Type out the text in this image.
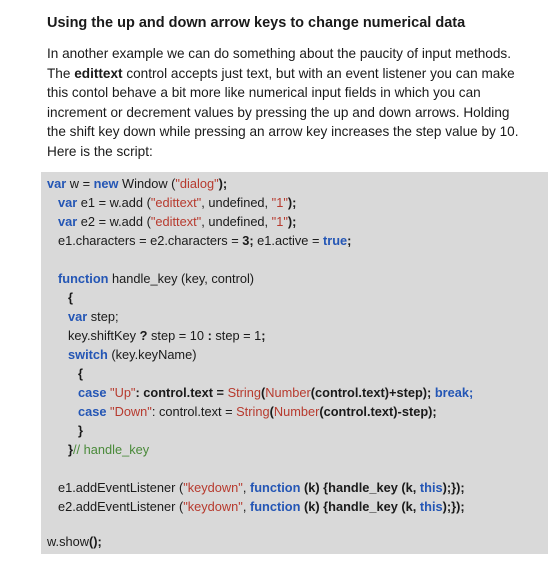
Using the up and down arrow keys to change numerical data
In another example we can do something about the paucity of input methods.
The edittext control accepts just text, but with an event listener you can make
this contol behave a bit more like numerical input fields in which you can
increment or decrement values by pressing the up and down arrows. Holding
the shift key down while pressing an arrow key increases the step value by 10.
Here is the script:
var w = new Window ("dialog");
var e1 = w.add ("edittext", undefined, "1");
var e2 = w.add ("edittext", undefined, "1");
e1.characters = e2.characters = 3; e1.active = true;
function handle_key (key, control)
{
var step;
key.shiftKey ? step = 10 : step = 1;
switch (key.keyName)
{
case "Up": control.text = String(Number(control.text)+step); break;
case "Down": control.text = String(Number(control.text)-step);
}
}// handle_key
e1.addEventListener ("keydown", function (k) {handle_key (k, this);});
e2.addEventListener ("keydown", function (k) {handle_key (k, this);});
w.show();
